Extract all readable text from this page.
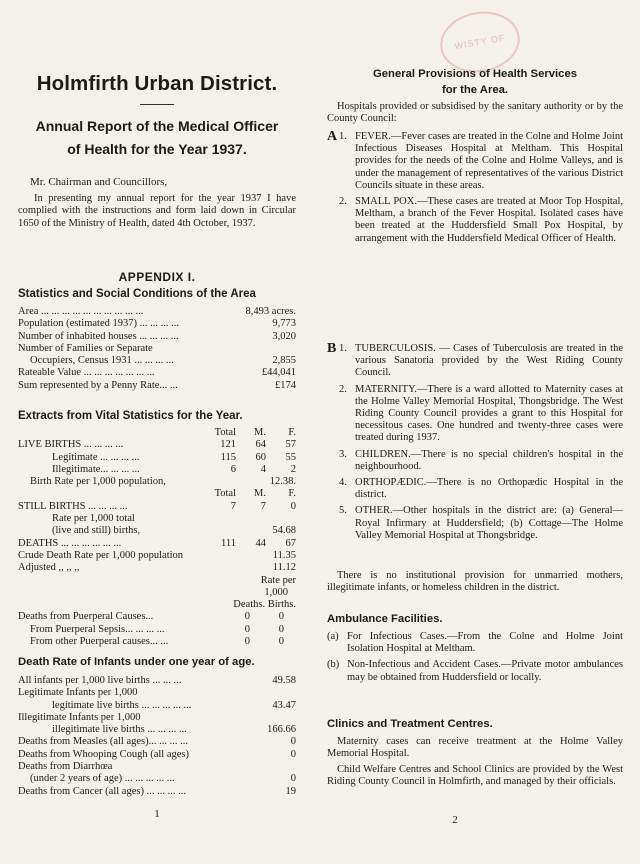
Holmfirth Urban District.
Annual Report of the Medical Officer
of Health for the Year 1937.
Mr. Chairman and Councillors,

In presenting my annual report for the year 1937 I have complied with the instructions and form laid down in Circular 1650 of the Ministry of Health, dated 4th October, 1937.

APPENDIX I.
Statistics and Social Conditions of the Area
Area ... ... ... ... ... ... ... ... ... ...	8,493 acres.
Population (estimated 1937) ... ... ... ...	9,773
Number of inhabited houses ... ... ... ...	3,020
Number of Families or Separate
Occupiers, Census 1931 ... ... ... ...	2,855
Rateable Value ... ... ... ... ... ... ...	£44,041
Sum represented by a Penny Rate... ...	£174
Extracts from Vital Statistics for the Year.
Total	M.	F.
LIVE BIRTHS ... ... ... ...	121	64	57
Legitimate ... ... ... ...	115	60	55
Illegitimate... ... ... ...	6	4	2
Birth Rate per 1,000 population,	12.38.
Total	M.	F.
STILL BIRTHS ... ... ... ...	7	7	0
Rate per 1,000 total
(live and still) births,	54.68
DEATHS ... ... ... ... ... ...	111	44	67
Crude Death Rate per 1,000 population	11.35
Adjusted ,, ,, ,,	11.12
Rate per
1,000
Deaths. Births.
Deaths from Puerperal Causes...	0	0
From Puerperal Sepsis... ... ... ...	0	0
From other Puerperal causes... ...	0	0
Death Rate of Infants under one year of age.
All infants per 1,000 live births ... ... ...	49.58
Legitimate Infants per 1,000
legitimate live births ... ... ... ... ...	43.47
Illegitimate Infants per 1,000
illegitimate live births ... ... ... ...	166.66
Deaths from Measles (all ages)... ... ... ...	0
Deaths from Whooping Cough (all ages)	0
Deaths from Diarrhœa
(under 2 years of age) ... ... ... ... ...	0
Deaths from Cancer (all ages) ... ... ... ...	19
1
WISTY OF
General Provisions of Health Services
for the Area.

Hospitals provided or subsidised by the sanitary authority or by the County Council:

A 1. FEVER.—Fever cases are treated in the Colne and Holme Joint Infectious Diseases Hospital at Meltham. This Hospital provides for the needs of the Colne and Holme Valleys, and is under the management of representatives of the various District Councils situate in these areas.
2. SMALL POX.—These cases are treated at Moor Top Hospital, Meltham, a branch of the Fever Hospital. Isolated cases have been treated at the Huddersfield Small Pox Hospital, by arrangement with the Huddersfield Medical Officer of Health.
B 1. TUBERCULOSIS. — Cases of Tuberculosis are treated in the various Sanatoria provided by the West Riding County Council.
2. MATERNITY.—There is a ward allotted to Maternity cases at the Holme Valley Memorial Hospital, Thongsbridge. The West Riding County Council provides a grant to this Hospital for necessitous cases. One hundred and twenty-three cases were treated during 1937.
3. CHILDREN.—There is no special children's hospital in the neighbourhood.
4. ORTHOPÆDIC.—There is no Orthopædic Hospital in the district.
5. OTHER.—Other hospitals in the district are: (a) General—Royal Infirmary at Huddersfield; (b) Cottage—The Holme Valley Memorial Hospital at Thongsbridge.

There is no institutional provision for unmarried mothers, illegitimate infants, or homeless children in the district.

Ambulance Facilities.
(a) For Infectious Cases.—From the Colne and Holme Joint Isolation Hospital at Meltham.
(b) Non-Infectious and Accident Cases.—Private motor ambulances may be obtained from Huddersfield or locally.
Clinics and Treatment Centres.

Maternity cases can receive treatment at the Holme Valley Memorial Hospital.

Child Welfare Centres and School Clinics are provided by the West Riding County Council in Holmfirth, and managed by their officials.

2
